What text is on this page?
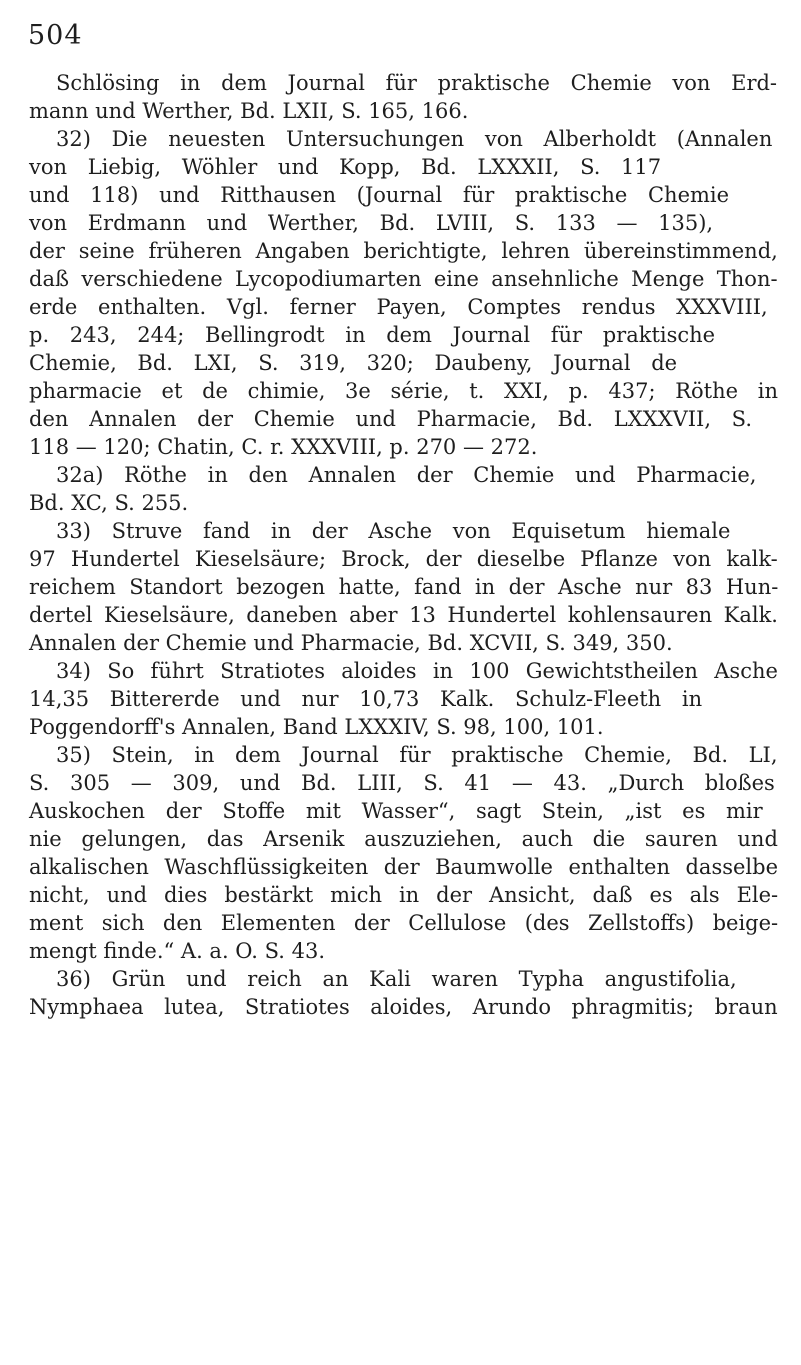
504
Schlösing in dem Journal für praktische Chemie von Erd-
mann und Werther, Bd. LXII, S. 165, 166.
32) Die neuesten Untersuchungen von Alberholdt (Annalen
von Liebig, Wöhler und Kopp, Bd. LXXXII, S. 117
und 118) und Ritthausen (Journal für praktische Chemie
von Erdmann und Werther, Bd. LVIII, S. 133 — 135),
der seine früheren Angaben berichtigte, lehren übereinstimmend,
daß verschiedene Lycopodiumarten eine ansehnliche Menge Thon-
erde enthalten. Vgl. ferner Payen, Comptes rendus XXXVIII,
p. 243, 244; Bellingrodt in dem Journal für praktische
Chemie, Bd. LXI, S. 319, 320; Daubeny, Journal de
pharmacie et de chimie, 3e série, t. XXI, p. 437; Röthe in
den Annalen der Chemie und Pharmacie, Bd. LXXXVII, S.
118 — 120; Chatin, C. r. XXXVIII, p. 270 — 272.
32a) Röthe in den Annalen der Chemie und Pharmacie,
Bd. XC, S. 255.
33) Struve fand in der Asche von Equisetum hiemale
97 Hundertel Kieselsäure; Brock, der dieselbe Pflanze von kalk-
reichem Standort bezogen hatte, fand in der Asche nur 83 Hun-
dertel Kieselsäure, daneben aber 13 Hundertel kohlensauren Kalk.
Annalen der Chemie und Pharmacie, Bd. XCVII, S. 349, 350.
34) So führt Stratiotes aloides in 100 Gewichtstheilen Asche
14,35 Bittererde und nur 10,73 Kalk. Schulz-Fleeth in
Poggendorff's Annalen, Band LXXXIV, S. 98, 100, 101.
35) Stein, in dem Journal für praktische Chemie, Bd. LI,
S. 305 — 309, und Bd. LIII, S. 41 — 43. „Durch bloßes
Auskochen der Stoffe mit Wasser“, sagt Stein, „ist es mir
nie gelungen, das Arsenik auszuziehen, auch die sauren und
alkalischen Waschflüssigkeiten der Baumwolle enthalten dasselbe
nicht, und dies bestärkt mich in der Ansicht, daß es als Ele-
ment sich den Elementen der Cellulose (des Zellstoffs) beige-
mengt finde.“ A. a. O. S. 43.
36) Grün und reich an Kali waren Typha angustifolia,
Nymphaea lutea, Stratiotes aloides, Arundo phragmitis; braun
